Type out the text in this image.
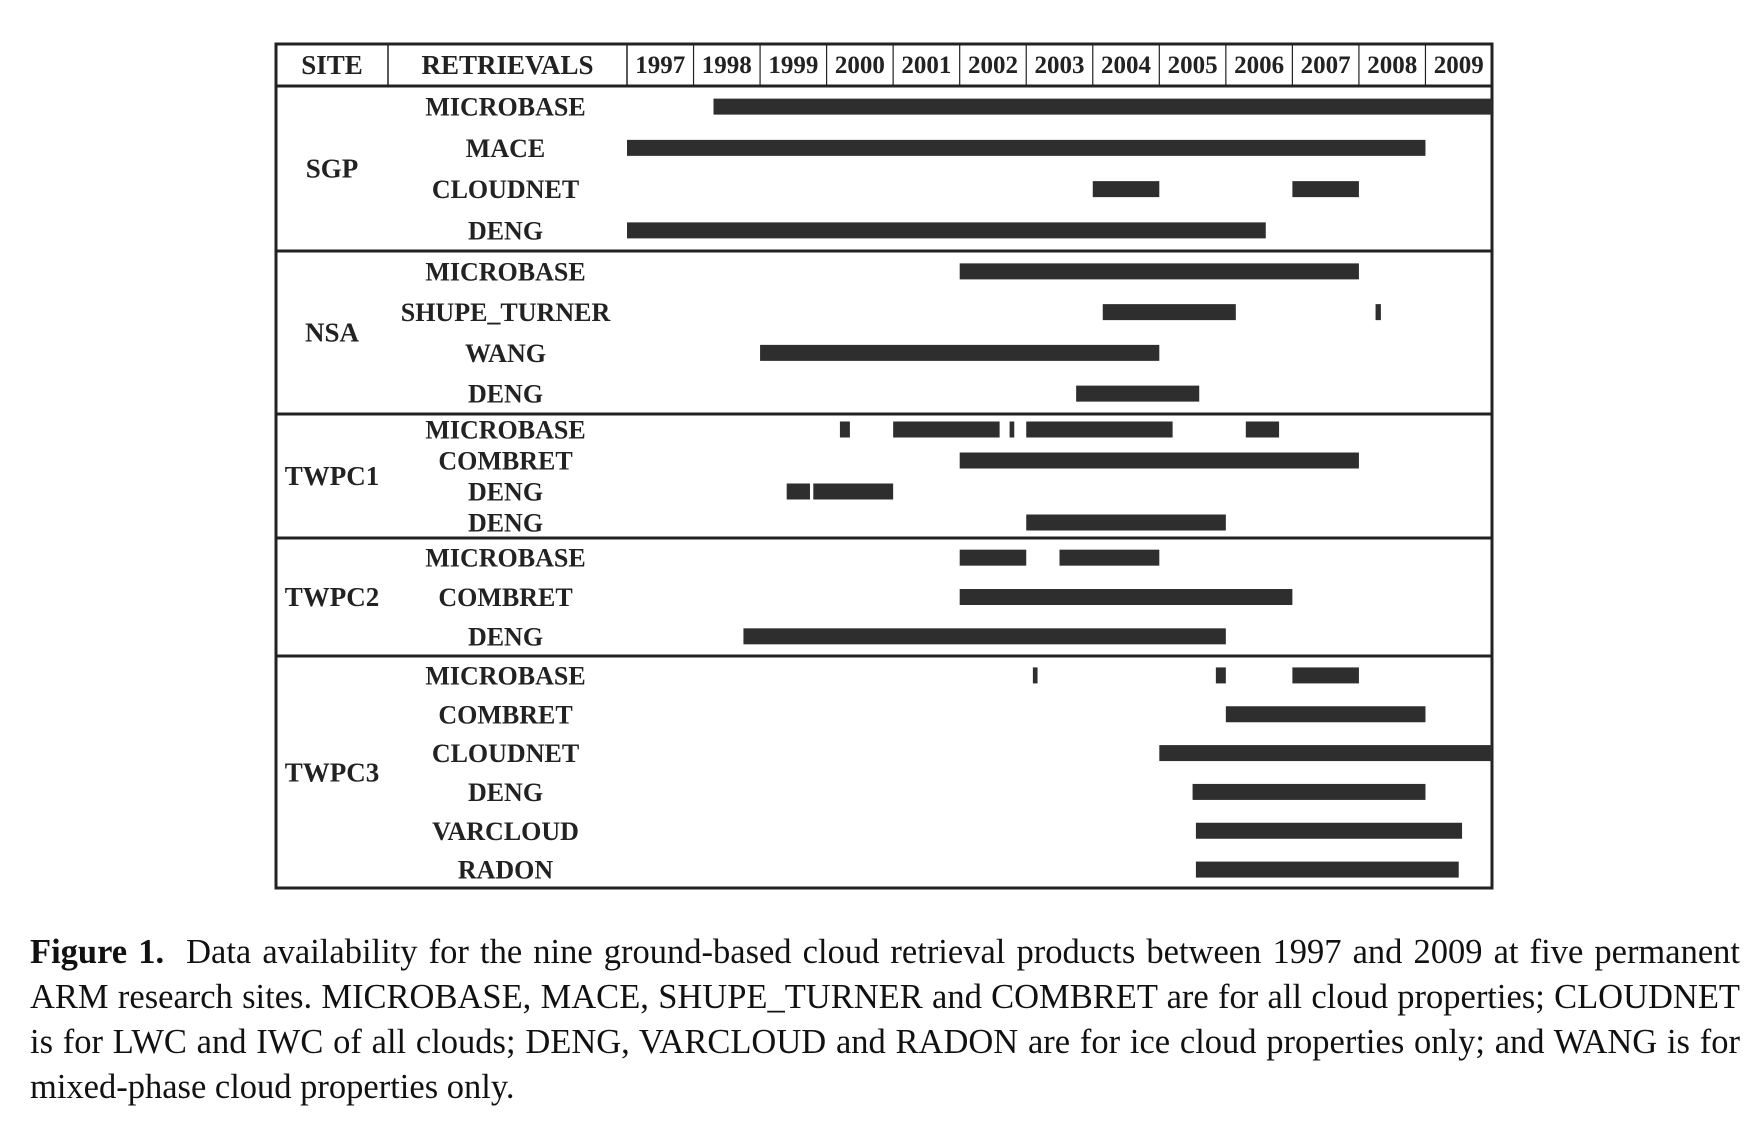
SITE RETRIEVALS 1997 1998 1999 2000 2001 2002 2003 2004 2005 2006 2007 2008 2009
SGP
MICROBASE
MACE
CLOUDNET
DENG
NSA
MICROBASE
SHUPE_TURNER
WANG
DENG
TWPC1
MICROBASE
COMBRET
DENG
DENG
TWPC2
MICROBASE
COMBRET
DENG
TWPC3
MICROBASE
COMBRET
CLOUDNET
DENG
VARCLOUD
RADON
Figure 1. Data availability for the nine ground-based cloud retrieval products between 1997 and 2009 at five permanent ARM research sites. MICROBASE, MACE, SHUPE_TURNER and COMBRET are for all cloud properties; CLOUDNET is for LWC and IWC of all clouds; DENG, VARCLOUD and RADON are for ice cloud properties only; and WANG is for mixed-phase cloud properties only.
